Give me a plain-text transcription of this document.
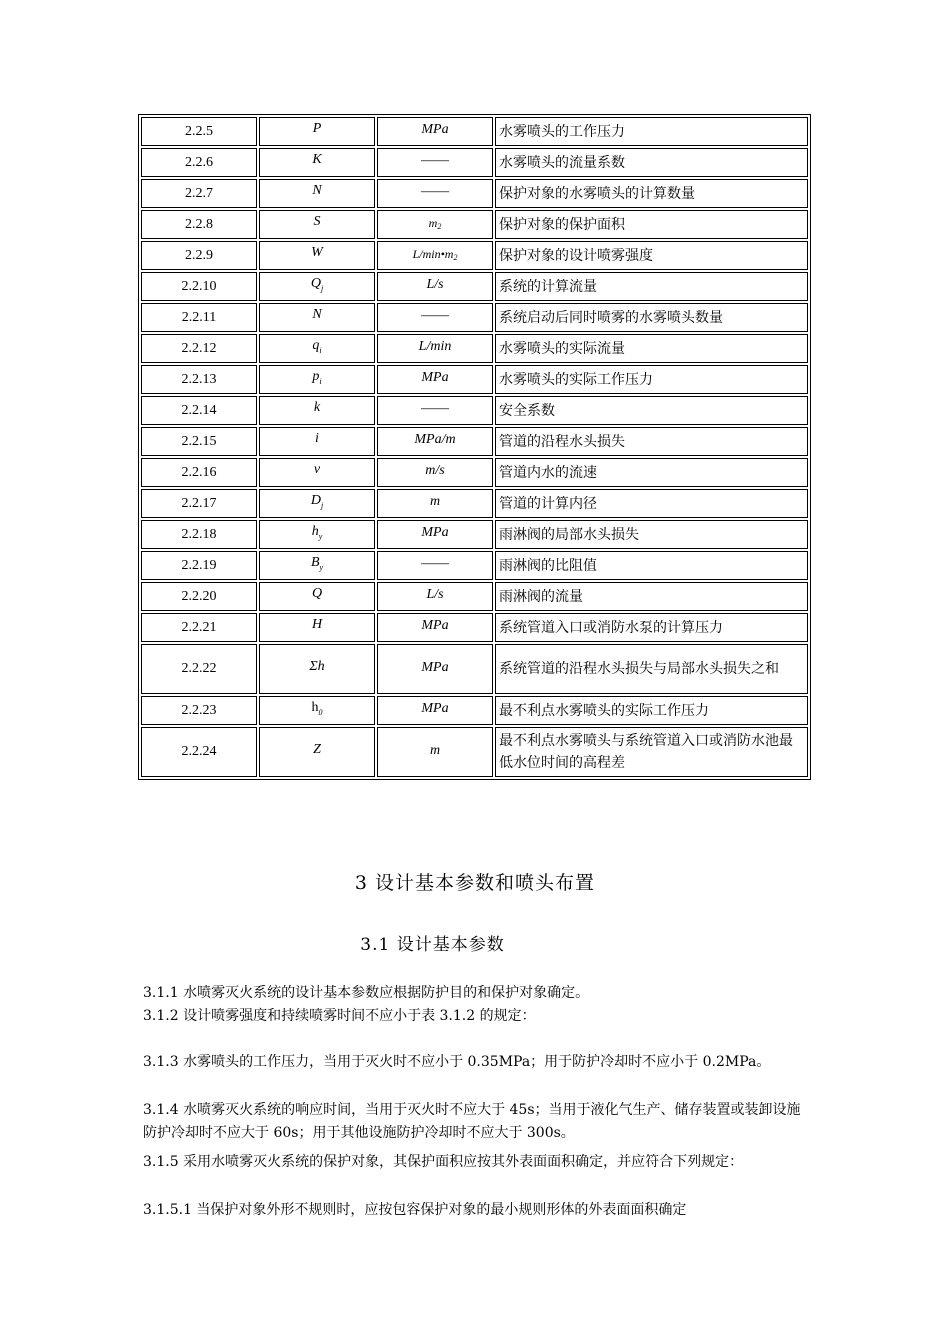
2.2.5	P	MPa	水雾喷头的工作压力
2.2.6	K	——	水雾喷头的流量系数
2.2.7	N	——	保护对象的水雾喷头的计算数量
2.2.8	S	$m_2$	保护对象的保护面积
2.2.9	W	$L/\min•m_2$	保护对象的设计喷雾强度
2.2.10	$Q_j$	L/s	系统的计算流量
2.2.11	N	——	系统启动后同时喷雾的水雾喷头数量
2.2.12	$q_i$	L/min	水雾喷头的实际流量
2.2.13	$p_i$	MPa	水雾喷头的实际工作压力
2.2.14	k	——	安全系数
2.2.15	i	MPa/m	管道的沿程水头损失
2.2.16	v	m/s	管道内水的流速
2.2.17	$D_j$	m	管道的计算内径
2.2.18	$h_y$	MPa	雨淋阀的局部水头损失
2.2.19	$B_y$	——	雨淋阀的比阻值
2.2.20	Q	L/s	雨淋阀的流量
2.2.21	H	MPa	系统管道入口或消防水泵的计算压力
2.2.22	Σh	MPa	系统管道的沿程水头损失与局部水头损失之和
2.2.23	$h_0$	MPa	最不利点水雾喷头的实际工作压力
2.2.24	Z	m	最不利点水雾喷头与系统管道入口或消防水池最低水位时间的高程差
3 设计基本参数和喷头布置
3.1 设计基本参数
3.1.1 水喷雾灭火系统的设计基本参数应根据防护目的和保护对象确定。
3.1.2 设计喷雾强度和持续喷雾时间不应小于表 3.1.2 的规定：
3.1.3 水雾喷头的工作压力，当用于灭火时不应小于 0.35MPa；用于防护冷却时不应小于 0.2MPa。
3.1.4 水喷雾灭火系统的响应时间，当用于灭火时不应大于 45s；当用于液化气生产、储存装置或装卸设施防护冷却时不应大于 60s；用于其他设施防护冷却时不应大于 300s。
3.1.5 采用水喷雾灭火系统的保护对象，其保护面积应按其外表面面积确定，并应符合下列规定：
3.1.5.1 当保护对象外形不规则时，应按包容保护对象的最小规则形体的外表面面积确定
